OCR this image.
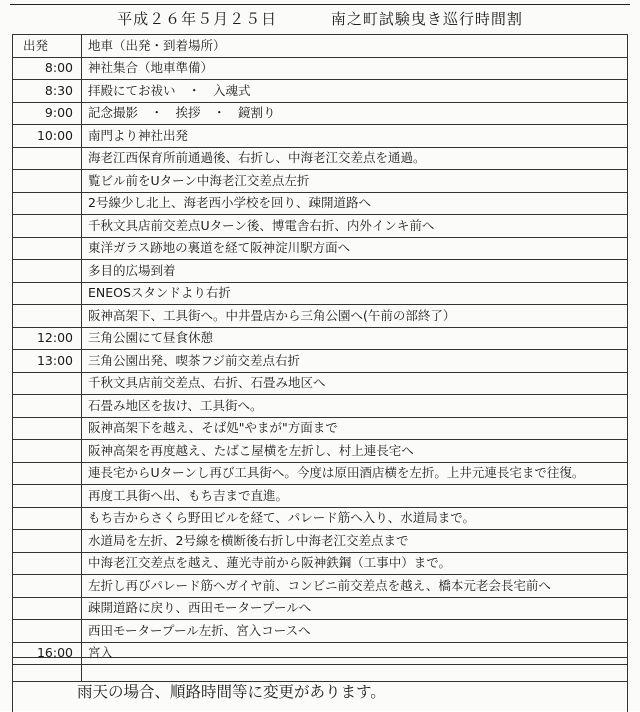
平成２６年５月２５日	南之町試験曳き巡行時間割
出発	地車（出発・到着場所）
8:00	神社集合（地車準備）
8:30	拝殿にてお祓い　・　入魂式
9:00	記念撮影　・　挨拶　・　鏡割り
10:00	南門より神社出発
	海老江西保育所前通過後、右折し、中海老江交差点を通過。
	覧ビル前をUターン中海老江交差点左折
	2号線少し北上、海老西小学校を回り、疎開道路へ
	千秋文具店前交差点Uターン後、博電舎右折、内外インキ前へ
	東洋ガラス跡地の裏道を経て阪神淀川駅方面へ
	多目的広場到着
	ENEOSスタンドより右折
	阪神高架下、工具街へ。中井畳店から三角公園へ(午前の部終了）
12:00	三角公園にて昼食休憩
13:00	三角公園出発、喫茶フジ前交差点右折
	千秋文具店前交差点、右折、石畳み地区へ
	石畳み地区を抜け、工具街へ。
	阪神高架下を越え、そば処"やまが"方面まで
	阪神高架を再度越え、たばこ屋横を左折し、村上連長宅へ
	連長宅からUターンし再び工具街へ。今度は原田酒店横を左折。上井元連長宅まで往復。
	再度工具街へ出、もち吉まで直進。
	もち吉からさくら野田ビルを経て、パレード筋へ入り、水道局まで。
	水道局を左折、2号線を横断後右折し中海老江交差点まで
	中海老江交差点を越え、蓮光寺前から阪神鉄鋼（工事中）まで。
	左折し再びパレード筋へガイヤ前、コンビニ前交差点を越え、橋本元老会長宅前へ
	疎開道路に戻り、西田モータープールへ
	西田モータープール左折、宮入コースへ
16:00	宮入

雨天の場合、順路時間等に変更があります。
